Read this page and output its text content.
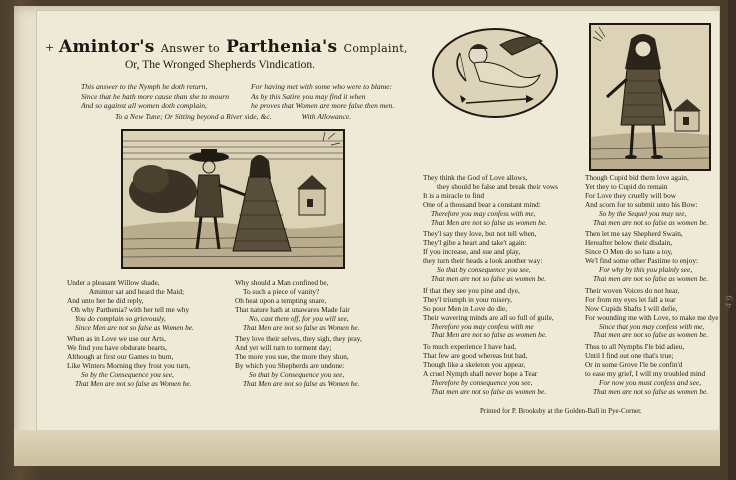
+ Amintor's Answer to Parthenia's Complaint,
Or, The Wronged Shepherds Vindication.
This answer to the Nymph he doth return,
Since that he hath more cause than she to mourn
And so against all women doth complain,
For having met with some who were to blame:
As by this Satire you may find it when
he proves that Women are more false then men.
To a New Tune; Or Sitting beyond a River side, &c.	With Allowance.

Under a pleasant Willow shade,
Amintor sat and heard the Maid;
And unto her he did reply,
Oh why Parthenia? with her tell me why
You do complain so grievously,
Since Men are not so false as Women be.

When as in Love we use our Arts,
We find you have obdurate hearts,
Although at first our Games to burn,
Like Winters Morning they frost you turn,
So by the Consequence you see,
That Men are not so false as Women be.

Why should a Man confined be,
To such a piece of vanity?
Oh heat upon a tempting snare,
That nature hath at unawares Made fair
No, cast them off, for you will see,
That Men are not so false as Women be.

They love their selves, they sigh, they pray,
And yet will turn to torment day;
The more you sue, the more they shun,
By which you Shepherds are undone:
So that by Consequence you see,
That Men are not so false as Women be.

They think the God of Love allows,
they should be false and break their vows
It is a miracle to find
One of a thousand bear a constant mind:
Therefore you may confess with me,
That Men are not so false as women be.

They'l say they love, but not tell when,
They'l gibe a heart and take't again:
If you increase, and sue and play,
they turn their heads a look another way:
So that by consequence you see,
That men are not so false as women be.

If that they see you pine and dye,
They'l triumph in your misery,
So poor Men in Love do die,
Their wavering minds are all so full of guile,
Therefore you may confess with me
That Men are not so false as women be.

To much experience I have had,
That few are good whereas but bad,
Though like a skeleton you appear,
A cruel Nymph shall never hope a Tear
Therefore by consequence you see,
That men are not so false as women be.

Though Cupid bid them love again,
Yet they to Cupid do remain
For Love they cruelly will bow
And scorn for to submit unto his Bow:
So by the Sequel you may see,
That men are not so false as women be.

Then let me say Shepherd Swain,
Hereafter below their disdain,
Since O Men do so hate a toy,
We'l find some other Pastime to enjoy:
For why by this you plainly see,
That men are not so false as women be.

Their woven Voices do not hear,
For from my eyes let fall a tear
Now Cupids Shafts I will defie,
For wounding me with Love, to make me dye
Since that you may confess with me,
That men are not so false as women be.

Thus to all Nymphs I'le bid adieu,
Until I find out one that's true;
Or in some Grove I'le be confin'd
to ease my grief, I will my troubled mind
For now you must confess and see,
That men are not so false as women be.

Printed for P. Brooksby at the Golden-Ball in Pye-Corner.
4 9
